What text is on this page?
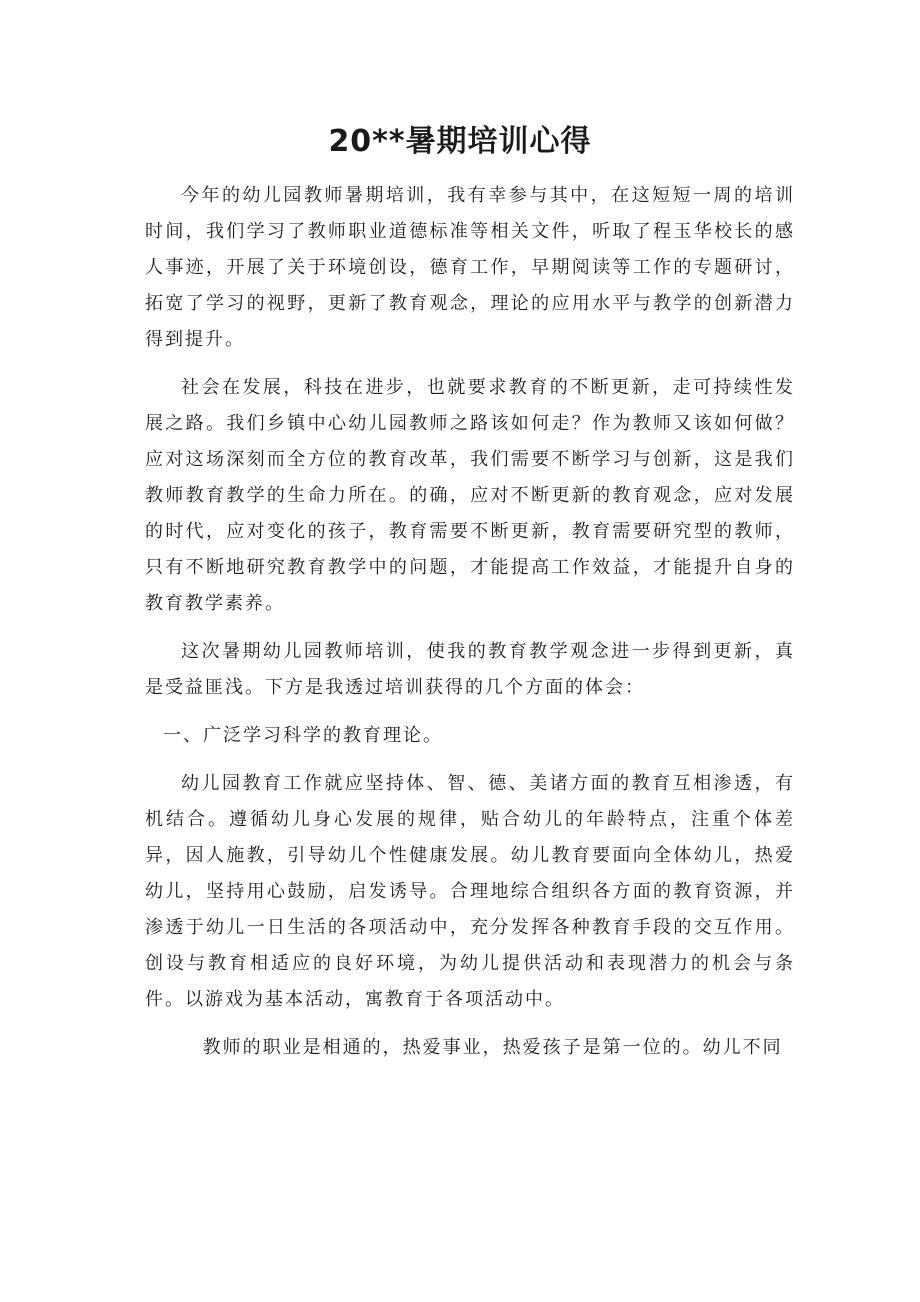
20**暑期培训心得

今年的幼儿园教师暑期培训，我有幸参与其中，在这短短一周的培训时间，我们学习了教师职业道德标准等相关文件，听取了程玉华校长的感人事迹，开展了关于环境创设，德育工作，早期阅读等工作的专题研讨，拓宽了学习的视野，更新了教育观念，理论的应用水平与教学的创新潜力得到提升。

社会在发展，科技在进步，也就要求教育的不断更新，走可持续性发展之路。我们乡镇中心幼儿园教师之路该如何走？作为教师又该如何做？应对这场深刻而全方位的教育改革，我们需要不断学习与创新，这是我们教师教育教学的生命力所在。的确，应对不断更新的教育观念，应对发展的时代，应对变化的孩子，教育需要不断更新，教育需要研究型的教师，只有不断地研究教育教学中的问题，才能提高工作效益，才能提升自身的教育教学素养。

这次暑期幼儿园教师培训，使我的教育教学观念进一步得到更新，真是受益匪浅。下方是我透过培训获得的几个方面的体会：

一、广泛学习科学的教育理论。

幼儿园教育工作就应坚持体、智、德、美诸方面的教育互相渗透，有机结合。遵循幼儿身心发展的规律，贴合幼儿的年龄特点，注重个体差异，因人施教，引导幼儿个性健康发展。幼儿教育要面向全体幼儿，热爱幼儿，坚持用心鼓励，启发诱导。合理地综合组织各方面的教育资源，并渗透于幼儿一日生活的各项活动中，充分发挥各种教育手段的交互作用。创设与教育相适应的良好环境，为幼儿提供活动和表现潜力的机会与条件。以游戏为基本活动，寓教育于各项活动中。

教师的职业是相通的，热爱事业，热爱孩子是第一位的。幼儿不同
